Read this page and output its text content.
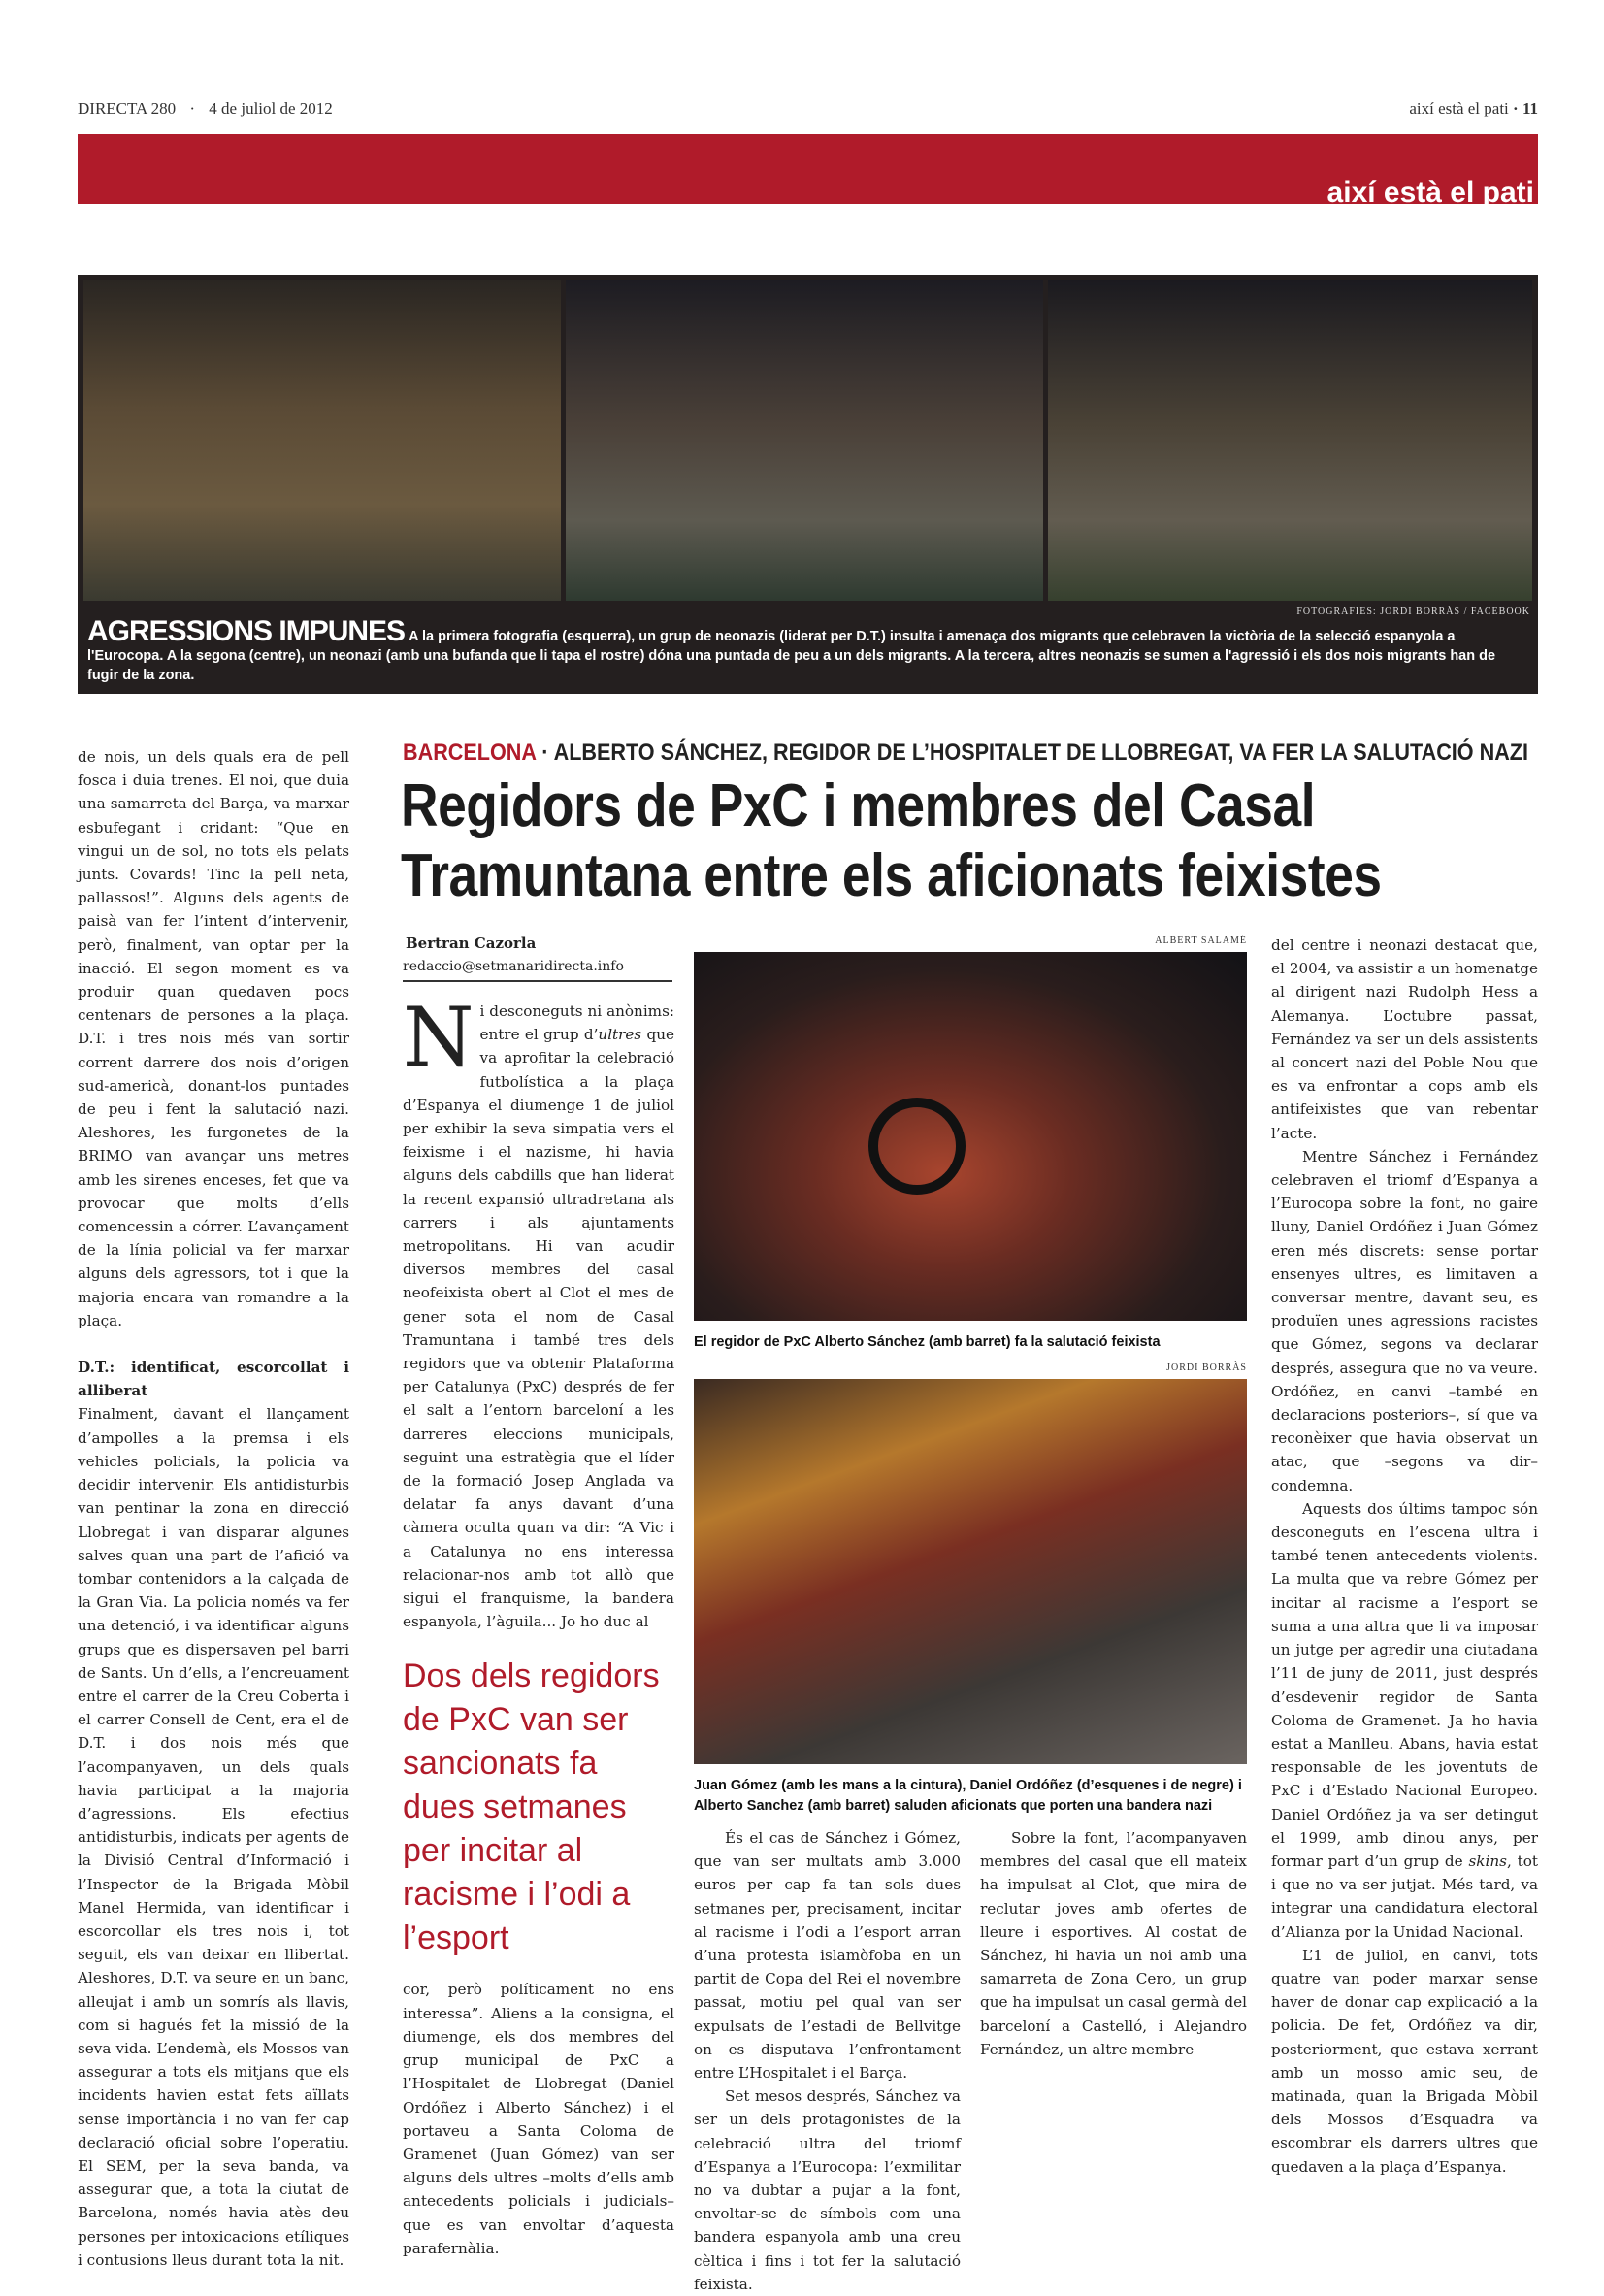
DIRECTA 280 · 4 de juliol de 2012	així està el pati · 11
així està el pati
FOTOGRAFIES: JORDI BORRÀS / FACEBOOK
AGRESSIONS IMPUNES A la primera fotografia (esquerra), un grup de neonazis (liderat per D.T.) insulta i amenaça dos migrants que celebraven la victòria de la selecció espanyola a l'Eurocopa. A la segona (centre), un neonazi (amb una bufanda que li tapa el rostre) dóna una puntada de peu a un dels migrants. A la tercera, altres neonazis se sumen a l'agressió i els dos nois migrants han de fugir de la zona.

de nois, un dels quals era de pell fosca i duia trenes. El noi, que duia una samarreta del Barça, va marxar esbufegant i cridant: “Que en vingui un de sol, no tots els pelats junts. Covards! Tinc la pell neta, pallassos!”. Alguns dels agents de paisà van fer l’intent d’intervenir, però, finalment, van optar per la inacció. El segon moment es va produir quan quedaven pocs centenars de persones a la plaça. D.T. i tres nois més van sortir corrent darrere dos nois d’origen sud-americà, donant-los puntades de peu i fent la salutació nazi. Aleshores, les furgonetes de la BRIMO van avançar uns metres amb les sirenes enceses, fet que va provocar que molts d’ells comencessin a córrer. L’avançament de la línia policial va fer marxar alguns dels agressors, tot i que la majoria encara van romandre a la plaça.

D.T.: identificat, escorcollat i alliberat

Finalment, davant el llançament d’ampolles a la premsa i els vehicles policials, la policia va decidir intervenir. Els antidisturbis van pentinar la zona en direcció Llobregat i van disparar algunes salves quan una part de l’afició va tombar contenidors a la calçada de la Gran Via. La policia només va fer una detenció, i va identificar alguns grups que es dispersaven pel barri de Sants. Un d’ells, a l’encreuament entre el carrer de la Creu Coberta i el carrer Consell de Cent, era el de D.T. i dos nois més que l’acompanyaven, un dels quals havia participat a la majoria d’agressions. Els efectius antidisturbis, indicats per agents de la Divisió Central d’Informació i l’Inspector de la Brigada Mòbil Manel Hermida, van identificar i escorcollar els tres nois i, tot seguit, els van deixar en llibertat. Aleshores, D.T. va seure en un banc, alleujat i amb un somrís als llavis, com si hagués fet la missió de la seva vida. L’endemà, els Mossos van assegurar a tots els mitjans que els incidents havien estat fets aïllats sense importància i no van fer cap declaració oficial sobre l’operatiu. El SEM, per la seva banda, va assegurar que, a tota la ciutat de Barcelona, només havia atès deu persones per intoxicacions etíliques i contusions lleus durant tota la nit.

BARCELONA · ALBERTO SÁNCHEZ, REGIDOR DE L’HOSPITALET DE LLOBREGAT, VA FER LA SALUTACIÓ NAZI
Regidors de PxC i membres del Casal Tramuntana entre els aficionats feixistes
Bertran Cazorla
redaccio@setmanaridirecta.info

Ni desconeguts ni anònims: entre el grup d’ultres que va aprofitar la celebració futbolística a la plaça d’Espanya el diumenge 1 de juliol per exhibir la seva simpatia vers el feixisme i el nazisme, hi havia alguns dels cabdills que han liderat la recent expansió ultradretana als carrers i als ajuntaments metropolitans. Hi van acudir diversos membres del casal neofeixista obert al Clot el mes de gener sota el nom de Casal Tramuntana i també tres dels regidors que va obtenir Plataforma per Catalunya (PxC) després de fer el salt a l’entorn barceloní a les darreres eleccions municipals, seguint una estratègia que el líder de la formació Josep Anglada va delatar fa anys davant d’una càmera oculta quan va dir: “A Vic i a Catalunya no ens interessa relacionar-nos amb tot allò que sigui el franquisme, la bandera espanyola, l’àguila... Jo ho duc al

Dos dels regidors de PxC van ser sancionats fa dues setmanes per incitar al racisme i l’odi a l’esport

cor, però políticament no ens interessa”. Aliens a la consigna, el diumenge, els dos membres del grup municipal de PxC a l’Hospitalet de Llobregat (Daniel Ordóñez i Alberto Sánchez) i el portaveu a Santa Coloma de Gramenet (Juan Gómez) van ser alguns dels ultres –molts d’ells amb antecedents policials i judicials– que es van envoltar d’aquesta parafernàlia.

ALBERT SALAMÉ
El regidor de PxC Alberto Sánchez (amb barret) fa la salutació feixista
JORDI BORRÀS
Juan Gómez (amb les mans a la cintura), Daniel Ordóñez (d’esquenes i de negre) i Alberto Sanchez (amb barret) saluden aficionats que porten una bandera nazi

És el cas de Sánchez i Gómez, que van ser multats amb 3.000 euros per cap fa tan sols dues setmanes per, precisament, incitar al racisme i l’odi a l’esport arran d’una protesta islamòfoba en un partit de Copa del Rei el novembre passat, motiu pel qual van ser expulsats de l’estadi de Bellvitge on es disputava l’enfrontament entre L’Hospitalet i el Barça.

Set mesos després, Sánchez va ser un dels protagonistes de la celebració ultra del triomf d’Espanya a l’Eurocopa: l’exmilitar no va dubtar a pujar a la font, envoltar-se de símbols com una bandera espanyola amb una creu cèltica i fins i tot fer la salutació feixista.

Sobre la font, l’acompanyaven membres del casal que ell mateix ha impulsat al Clot, que mira de reclutar joves amb ofertes de lleure i esportives. Al costat de Sánchez, hi havia un noi amb una samarreta de Zona Cero, un grup que ha impulsat un casal germà del barceloní a Castelló, i Alejandro Fernández, un altre membre

del centre i neonazi destacat que, el 2004, va assistir a un homenatge al dirigent nazi Rudolph Hess a Alemanya. L’octubre passat, Fernández va ser un dels assistents al concert nazi del Poble Nou que es va enfrontar a cops amb els antifeixistes que van rebentar l’acte.

Mentre Sánchez i Fernández celebraven el triomf d’Espanya a l’Eurocopa sobre la font, no gaire lluny, Daniel Ordóñez i Juan Gómez eren més discrets: sense portar ensenyes ultres, es limitaven a conversar mentre, davant seu, es produïen unes agressions racistes que Gómez, segons va declarar després, assegura que no va veure. Ordóñez, en canvi –també en declaracions posteriors–, sí que va reconèixer que havia observat un atac, que –segons va dir– condemna.

Aquests dos últims tampoc són desconeguts en l’escena ultra i també tenen antecedents violents. La multa que va rebre Gómez per incitar al racisme a l’esport se suma a una altra que li va imposar un jutge per agredir una ciutadana l’11 de juny de 2011, just després d’esdevenir regidor de Santa Coloma de Gramenet. Ja ho havia estat a Manlleu. Abans, havia estat responsable de les joventuts de PxC i d’Estado Nacional Europeo. Daniel Ordóñez ja va ser detingut el 1999, amb dinou anys, per formar part d’un grup de skins, tot i que no va ser jutjat. Més tard, va integrar una candidatura electoral d’Alianza por la Unidad Nacional.

L’1 de juliol, en canvi, tots quatre van poder marxar sense haver de donar cap explicació a la policia. De fet, Ordóñez va dir, posteriorment, que estava xerrant amb un mosso amic seu, de matinada, quan la Brigada Mòbil dels Mossos d’Esquadra va escombrar els darrers ultres que quedaven a la plaça d’Espanya.
